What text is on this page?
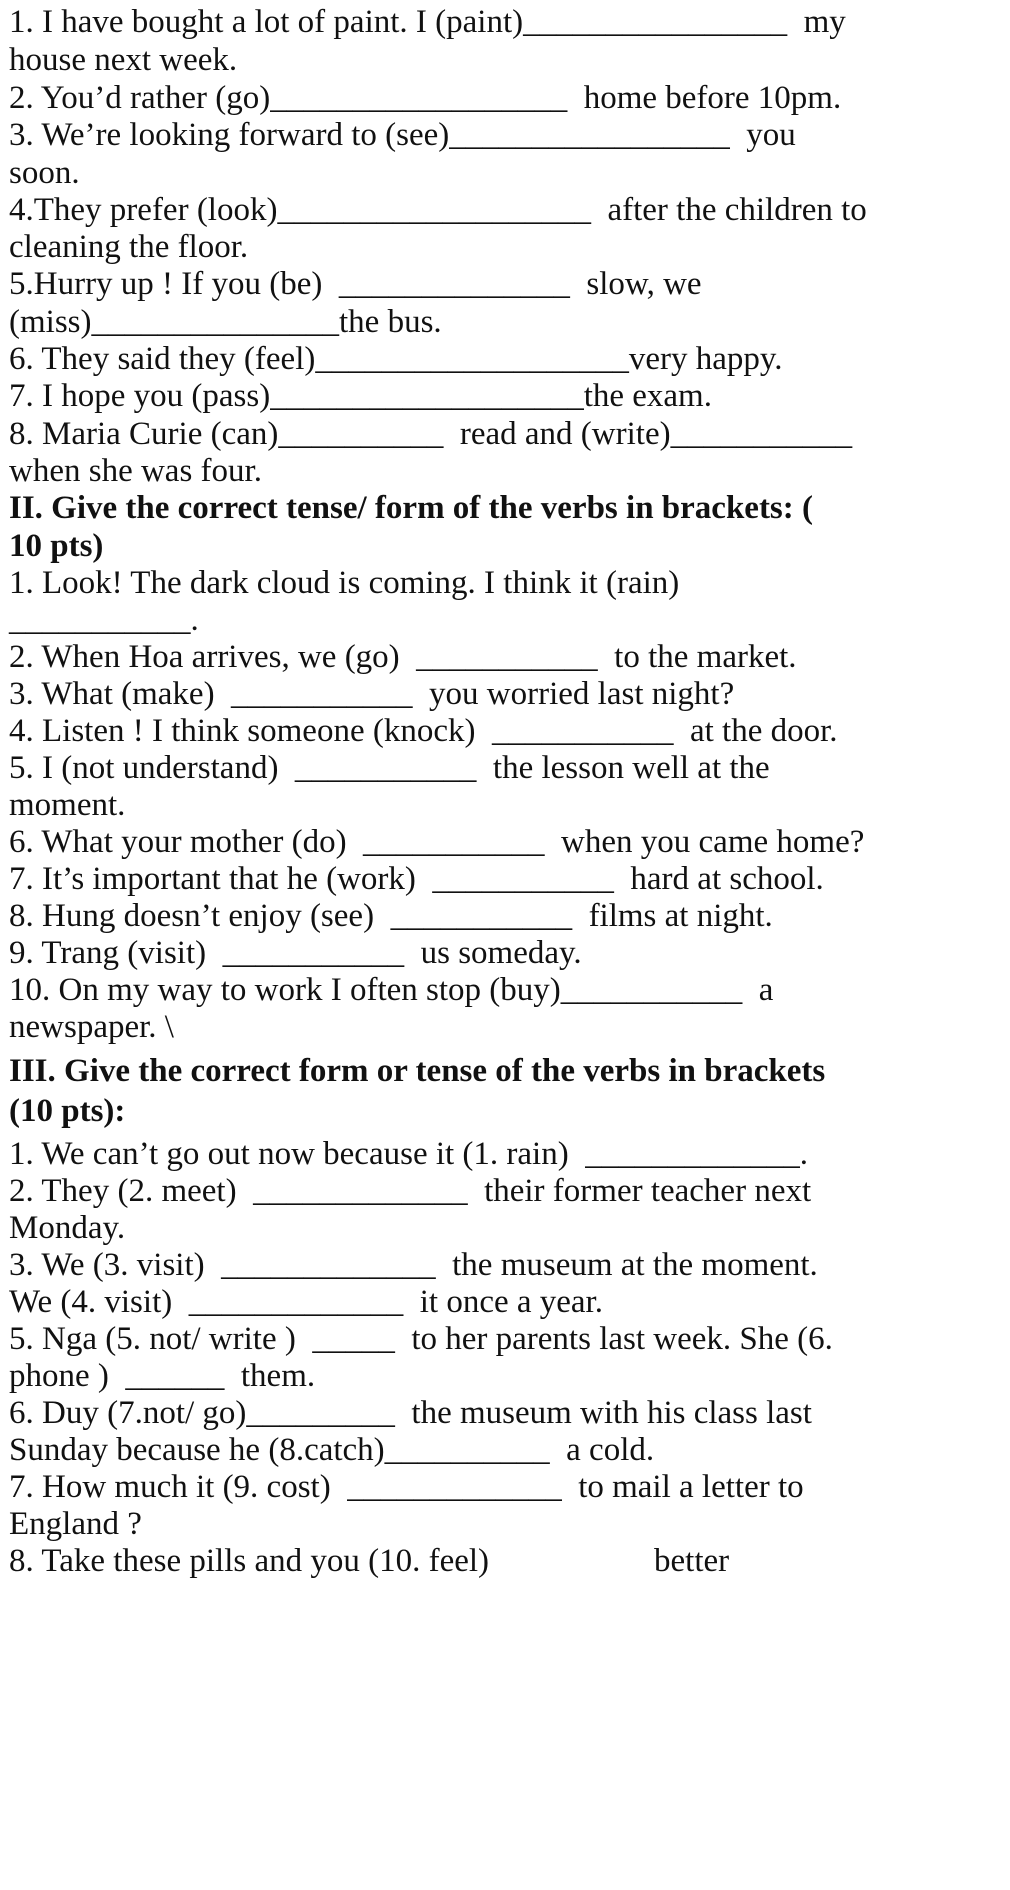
1. I have bought a lot of paint. I (paint)________________  my
house next week.
2. You’d rather (go)__________________  home before 10pm.
3. We’re looking forward to (see)_________________  you
soon.
4.They prefer (look)___________________  after the children to
cleaning the floor.
5.Hurry up ! If you (be)  ______________  slow, we
(miss)_______________the bus.
6. They said they (feel)___________________very happy.
7. I hope you (pass)___________________the exam.
8. Maria Curie (can)__________  read and (write)___________
when she was four.
II. Give the correct tense/ form of the verbs in brackets: (
10 pts)
1. Look! The dark cloud is coming. I think it (rain)
___________.
2. When Hoa arrives, we (go)  ___________  to the market.
3. What (make)  ___________  you worried last night?
4. Listen ! I think someone (knock)  ___________  at the door.
5. I (not understand)  ___________  the lesson well at the
moment.
6. What your mother (do)  ___________  when you came home?
7. It’s important that he (work)  ___________  hard at school.
8. Hung doesn’t enjoy (see)  ___________  films at night.
9. Trang (visit)  ___________  us someday.
10. On my way to work I often stop (buy)___________  a
newspaper. \
III. Give the correct form or tense of the verbs in brackets
(10 pts):
1. We can’t go out now because it (1. rain)  _____________.
2. They (2. meet)  _____________  their former teacher next
Monday.
3. We (3. visit)  _____________  the museum at the moment.
We (4. visit)  _____________  it once a year.
5. Nga (5. not/ write )  _____  to her parents last week. She (6.
phone )  ______  them.
6. Duy (7.not/ go)_________  the museum with his class last
Sunday because he (8.catch)__________  a cold.
7. How much it (9. cost)  _____________  to mail a letter to
England ?
8. Take these pills and you (10. feel)                    better
